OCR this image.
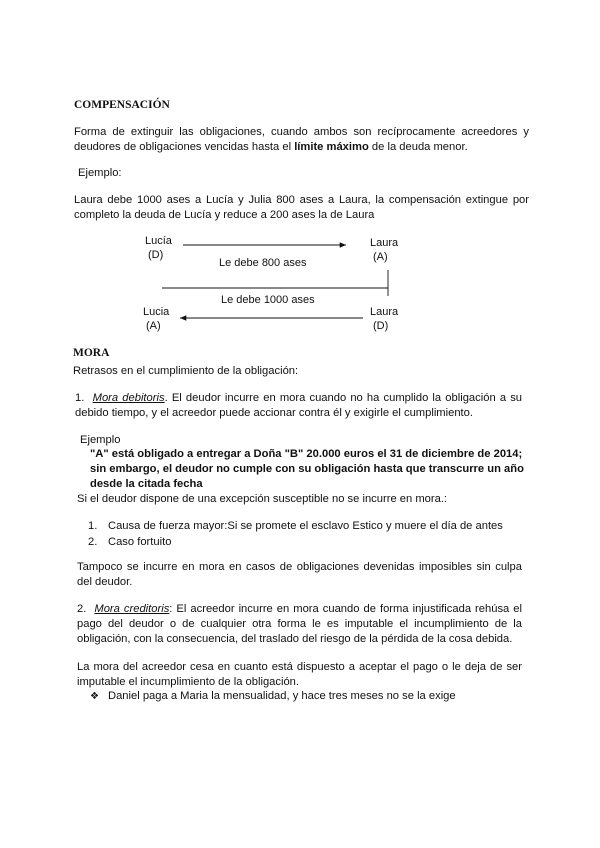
COMPENSACIÓN
Forma de extinguir las obligaciones, cuando ambos son recíprocamente acreedores y deudores de obligaciones vencidas hasta el límite máximo de la deuda menor.
Ejemplo:
Laura debe 1000 ases a Lucía y Julia 800 ases a Laura, la compensación extingue por completo la deuda de Lucía y reduce a 200 ases la de Laura
Lucía
(D)
Laura
(A)
Le debe 800 ases
Le debe 1000 ases
Lucia
(A)
Laura
(D)
MORA
Retrasos en el cumplimiento de la obligación:
1. Mora debitoris. El deudor incurre en mora cuando no ha cumplido la obligación a su debido tiempo, y el acreedor puede accionar contra él y exigirle el cumplimiento.
Ejemplo
"A" está obligado a entregar a Doña "B" 20.000 euros el 31 de diciembre de 2014; sin embargo, el deudor no cumple con su obligación hasta que transcurre un año desde la citada fecha
Si el deudor dispone de una excepción susceptible no se incurre en mora.:
1. Causa de fuerza mayor:Si se promete el esclavo Estico y muere el día de antes
2. Caso fortuito
Tampoco se incurre en mora en casos de obligaciones devenidas imposibles sin culpa del deudor.
2. Mora creditoris: El acreedor incurre en mora cuando de forma injustificada rehúsa el pago del deudor o de cualquier otra forma le es imputable el incumplimiento de la obligación, con la consecuencia, del traslado del riesgo de la pérdida de la cosa debida.
La mora del acreedor cesa en cuanto está dispuesto a aceptar el pago o le deja de ser imputable el incumplimiento de la obligación.
❖ Daniel paga a Maria la mensualidad, y hace tres meses no se la exige
